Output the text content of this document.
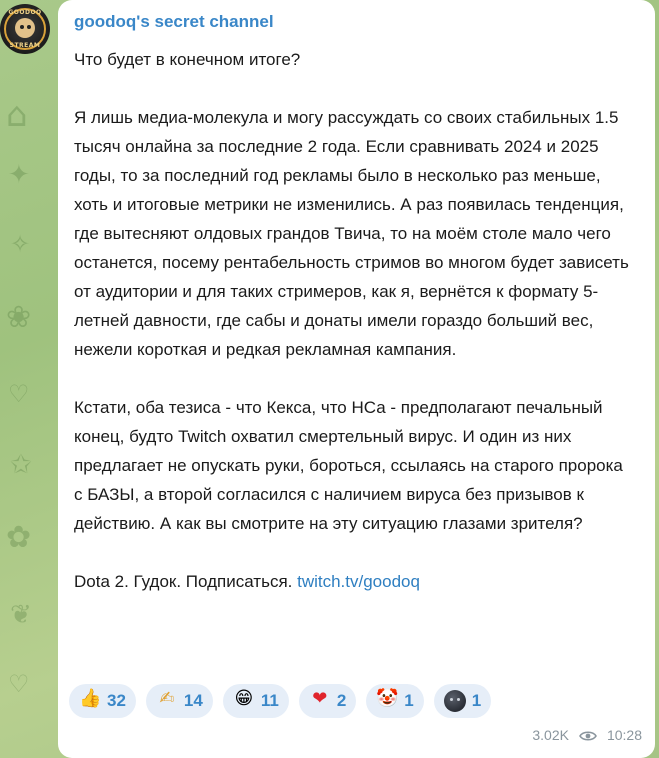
⌂
✦
✧
❀
♡
✩
✿
❦
♡
GOODOQ
STREAM
goodoq's secret channel
Что будет в конечном итоге?

Я лишь медиа-молекула и могу рассуждать со своих стабильных 1.5 тысяч онлайна за последние 2 года. Если сравнивать 2024 и 2025 годы, то за последний год рекламы было в несколько раз меньше, хоть и итоговые метрики не изменились. А раз появилась тенденция, где вытесняют олдовых грандов Твича, то на моём столе мало чего останется, посему рентабельность стримов во многом будет зависеть от аудитории и для таких стримеров, как я, вернётся к формату 5-летней давности, где сабы и донаты имели гораздо больший вес, нежели короткая и редкая рекламная кампания.

Кстати, оба тезиса - что Кекса, что НСа - предполагают печальный конец, будто Twitch охватил смертельный вирус. И один из них предлагает не опускать руки, бороться, ссылаясь на старого пророка с БАЗЫ, а второй согласился с наличием вируса без призывов к действию. А как вы смотрите на эту ситуацию глазами зрителя?

Dota 2. Гудок. Подписаться. twitch.tv/goodoq
👍 32 ✍ 14 😁 11 ❤ 2 🤡 1	1
3.02K	10:28
